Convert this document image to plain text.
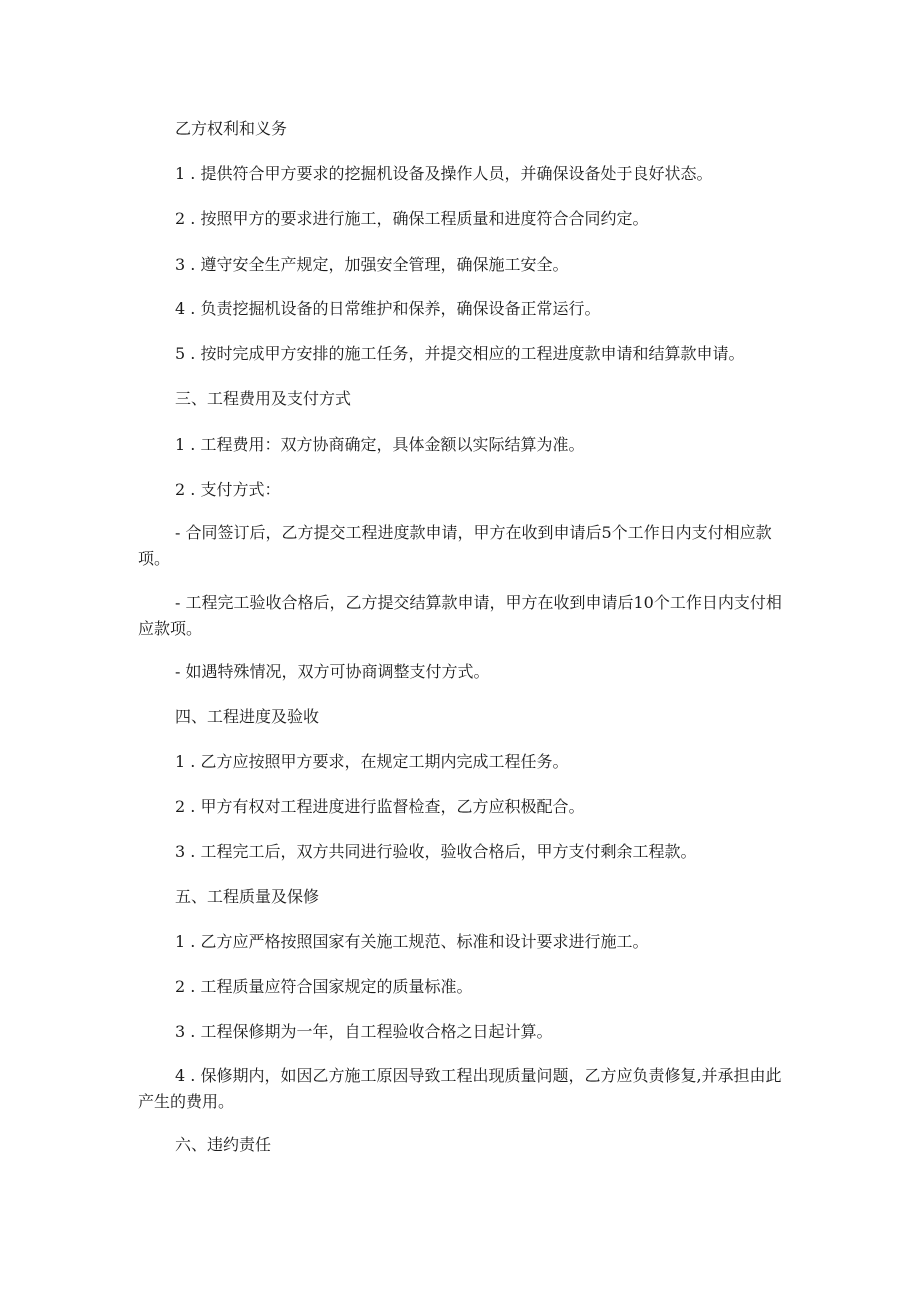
乙方权利和义务
1 . 提供符合甲方要求的挖掘机设备及操作人员，并确保设备处于良好状态。
2 . 按照甲方的要求进行施工，确保工程质量和进度符合合同约定。
3 . 遵守安全生产规定，加强安全管理，确保施工安全。
4 . 负责挖掘机设备的日常维护和保养，确保设备正常运行。
5 . 按时完成甲方安排的施工任务，并提交相应的工程进度款申请和结算款申请。
三、工程费用及支付方式
1 . 工程费用：双方协商确定，具体金额以实际结算为准。
2 . 支付方式：
- 合同签订后，乙方提交工程进度款申请，甲方在收到申请后5个工作日内支付相应款项。
- 工程完工验收合格后，乙方提交结算款申请，甲方在收到申请后10个工作日内支付相应款项。
- 如遇特殊情况，双方可协商调整支付方式。
四、工程进度及验收
1 . 乙方应按照甲方要求，在规定工期内完成工程任务。
2 . 甲方有权对工程进度进行监督检查，乙方应积极配合。
3 . 工程完工后，双方共同进行验收，验收合格后，甲方支付剩余工程款。
五、工程质量及保修
1 . 乙方应严格按照国家有关施工规范、标准和设计要求进行施工。
2 . 工程质量应符合国家规定的质量标准。
3 . 工程保修期为一年，自工程验收合格之日起计算。
4 . 保修期内，如因乙方施工原因导致工程出现质量问题，乙方应负责修复,并承担由此产生的费用。
六、违约责任
